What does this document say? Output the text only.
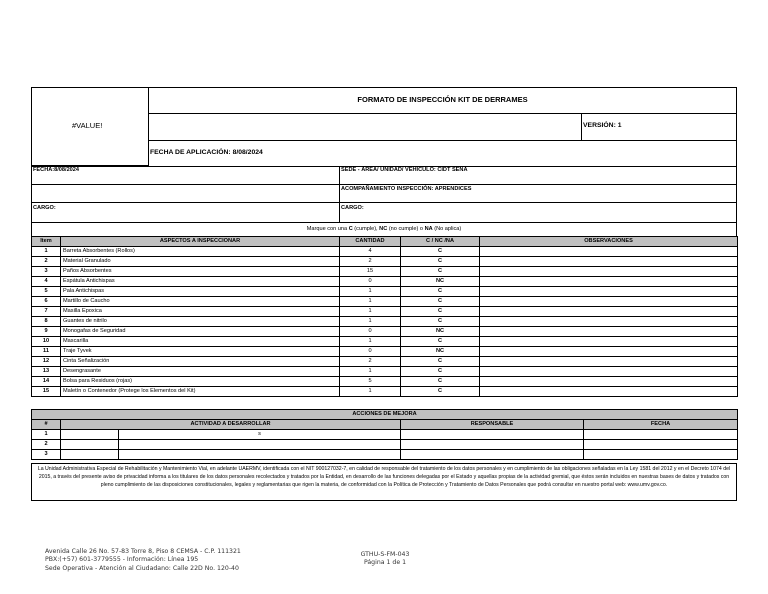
#VALUE!
FORMATO DE INSPECCIÓN KIT DE DERRAMES
VERSIÓN: 1
FECHA DE APLICACIÓN: 8/08/2024
FECHA:8/08/2024	SEDE - ÁREA/ UNIDAD/ VEHÍCULO: CIDT SENA
ACOMPAÑAMIENTO INSPECCIÓN: APRENDICES
CARGO:	CARGO:
Marque con una C (cumple), NC (no cumple) o NA (No aplica)
Item	ASPECTOS A INSPECCIONAR	CANTIDAD	C / NC /NA	OBSERVACIONES
1	Barreta Absorbentes (Rollos)	4	C	
2	Material Granulado	2	C	
3	Paños Absorbentes	15	C	
4	Espátula Antichispas	0	NC	
5	Pala Antichispas	1	C	
6	Martillo de Caucho	1	C	
7	Masilla Epoxica	1	C	
8	Guantes de nitrilo	1	C	
9	Monogafas de Seguridad	0	NC	
10	Mascarilla	1	C	
11	Traje Tyvek	0	NC	
12	Cinta Señalización	2	C	
13	Desengrasante	1	C	
14	Bolsa para Residuos (rojas)	5	C	
15	Maletín o Contenedor (Protege los Elementos del Kit)	1	C	
ACCIONES DE MEJORA				
#	ACTIVIDAD A DESARROLLAR		RESPONSABLE	FECHA
1		s		
2				
3				
La Unidad Administrativa Especial de Rehabilitación y Mantenimiento Vial, en adelante UAERMV, identificada con el NIT 900127032-7, en calidad de responsable del tratamiento de los datos personales y en cumplimiento de las obligaciones señaladas en la Ley 1581 del 2012 y en el Decreto 1074 del 2015, a través del presente aviso de privacidad informa a los titulares de los datos personales recolectados y tratados por la Entidad, en desarrollo de las funciones delegadas por el Estado y aquellas propias de la actividad gremial, que éstos serán incluidos en nuestras bases de datos y tratados con pleno cumplimiento de las disposiciones constitucionales, legales y reglamentarias que rigen la materia, de conformidad con la Política de Protección y Tratamiento de Datos Personales que podrá consultar en nuestro portal web: www.umv.gov.co.
Avenida Calle 26 No. 57-83 Torre 8, Piso 8 CEMSA - C.P. 111321
PBX:(+57) 601-3779555 - Información: Línea 195
Sede Operativa - Atención al Ciudadano: Calle 22D No. 120-40
GTHU-S-FM-043
Página 1 de 1
